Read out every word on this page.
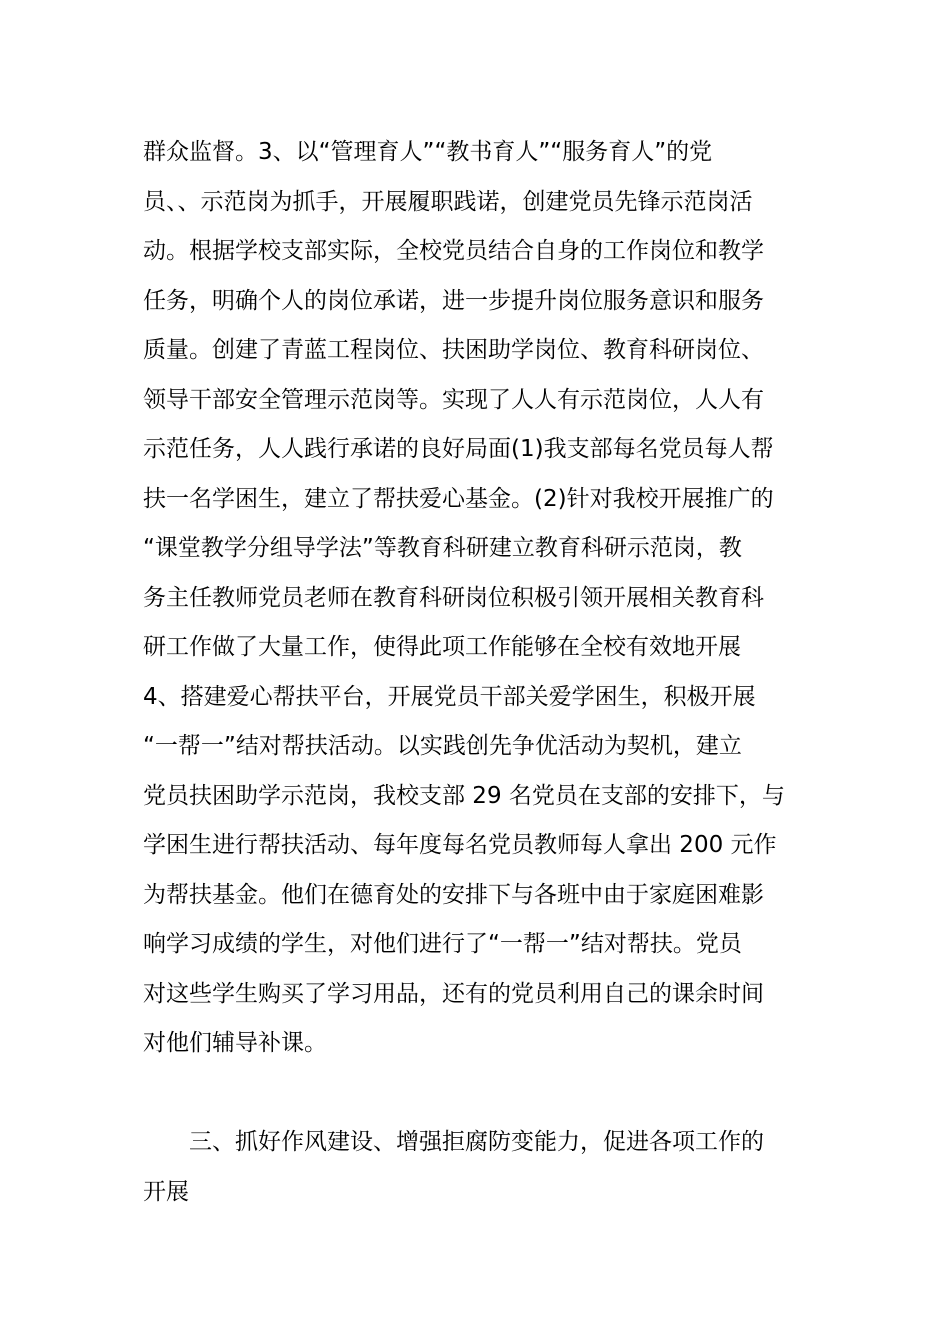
群众监督。3、以“管理育人”“教书育人”“服务育人”的党
员、、示范岗为抓手，开展履职践诺，创建党员先锋示范岗活
动。根据学校支部实际，全校党员结合自身的工作岗位和教学
任务，明确个人的岗位承诺，进一步提升岗位服务意识和服务
质量。创建了青蓝工程岗位、扶困助学岗位、教育科研岗位、
领导干部安全管理示范岗等。实现了人人有示范岗位，人人有
示范任务，人人践行承诺的良好局面(1)我支部每名党员每人帮
扶一名学困生，建立了帮扶爱心基金。(2)针对我校开展推广的
“课堂教学分组导学法”等教育科研建立教育科研示范岗，教
务主任教师党员老师在教育科研岗位积极引领开展相关教育科
研工作做了大量工作，使得此项工作能够在全校有效地开展
4、搭建爱心帮扶平台，开展党员干部关爱学困生，积极开展
“一帮一”结对帮扶活动。以实践创先争优活动为契机，建立
党员扶困助学示范岗，我校支部 29 名党员在支部的安排下，与
学困生进行帮扶活动、每年度每名党员教师每人拿出 200 元作
为帮扶基金。他们在德育处的安排下与各班中由于家庭困难影
响学习成绩的学生，对他们进行了“一帮一”结对帮扶。党员
对这些学生购买了学习用品，还有的党员利用自己的课余时间
对他们辅导补课。
　　三、抓好作风建设、增强拒腐防变能力，促进各项工作的
开展
